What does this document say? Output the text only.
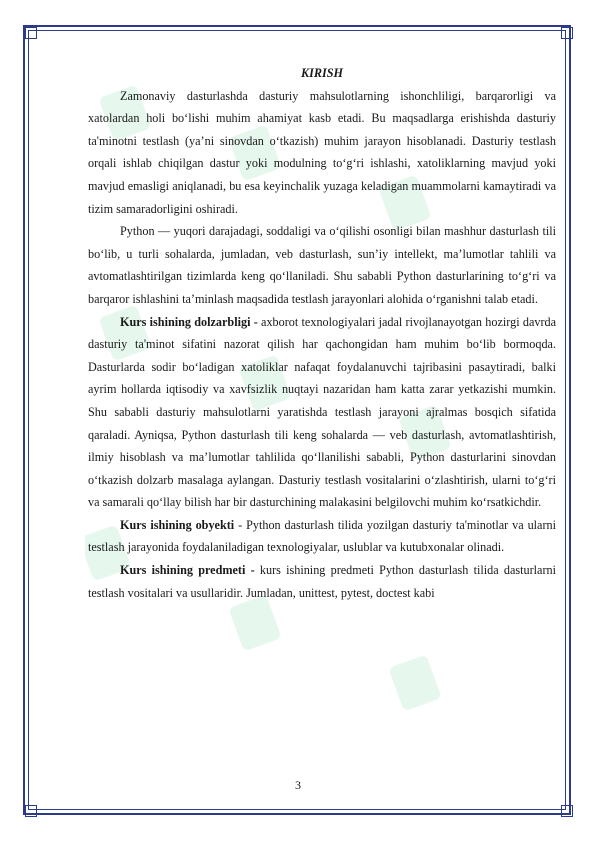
KIRISH

Zamonaviy dasturlashda dasturiy mahsulotlarning ishonchliligi, barqarorligi va xatolardan holi bo‘lishi muhim ahamiyat kasb etadi. Bu maqsadlarga erishishda dasturiy ta'minotni testlash (ya’ni sinovdan o‘tkazish) muhim jarayon hisoblanadi. Dasturiy testlash orqali ishlab chiqilgan dastur yoki modulning to‘g‘ri ishlashi, xatoliklarning mavjud yoki mavjud emasligi aniqlanadi, bu esa keyinchalik yuzaga keladigan muammolarni kamaytiradi va tizim samaradorligini oshiradi.

Python — yuqori darajadagi, soddaligi va o‘qilishi osonligi bilan mashhur dasturlash tili bo‘lib, u turli sohalarda, jumladan, veb dasturlash, sun’iy intellekt, ma’lumotlar tahlili va avtomatlashtirilgan tizimlarda keng qo‘llaniladi. Shu sababli Python dasturlarining to‘g‘ri va barqaror ishlashini ta’minlash maqsadida testlash jarayonlari alohida o‘rganishni talab etadi.

Kurs ishining dolzarbligi - axborot texnologiyalari jadal rivojlanayotgan hozirgi davrda dasturiy ta'minot sifatini nazorat qilish har qachongidan ham muhim bo‘lib bormoqda. Dasturlarda sodir bo‘ladigan xatoliklar nafaqat foydalanuvchi tajribasini pasaytiradi, balki ayrim hollarda iqtisodiy va xavfsizlik nuqtayi nazaridan ham katta zarar yetkazishi mumkin. Shu sababli dasturiy mahsulotlarni yaratishda testlash jarayoni ajralmas bosqich sifatida qaraladi. Ayniqsa, Python dasturlash tili keng sohalarda — veb dasturlash, avtomatlashtirish, ilmiy hisoblash va ma’lumotlar tahlilida qo‘llanilishi sababli, Python dasturlarini sinovdan o‘tkazish dolzarb masalaga aylangan. Dasturiy testlash vositalarini o‘zlashtirish, ularni to‘g‘ri va samarali qo‘llay bilish har bir dasturchining malakasini belgilovchi muhim ko‘rsatkichdir.

Kurs ishining obyekti - Python dasturlash tilida yozilgan dasturiy ta'minotlar va ularni testlash jarayonida foydalaniladigan texnologiyalar, uslublar va kutubxonalar olinadi.

Kurs ishining predmeti - kurs ishining predmeti Python dasturlash tilida dasturlarni testlash vositalari va usullaridir. Jumladan, unittest, pytest, doctest kabi

3
